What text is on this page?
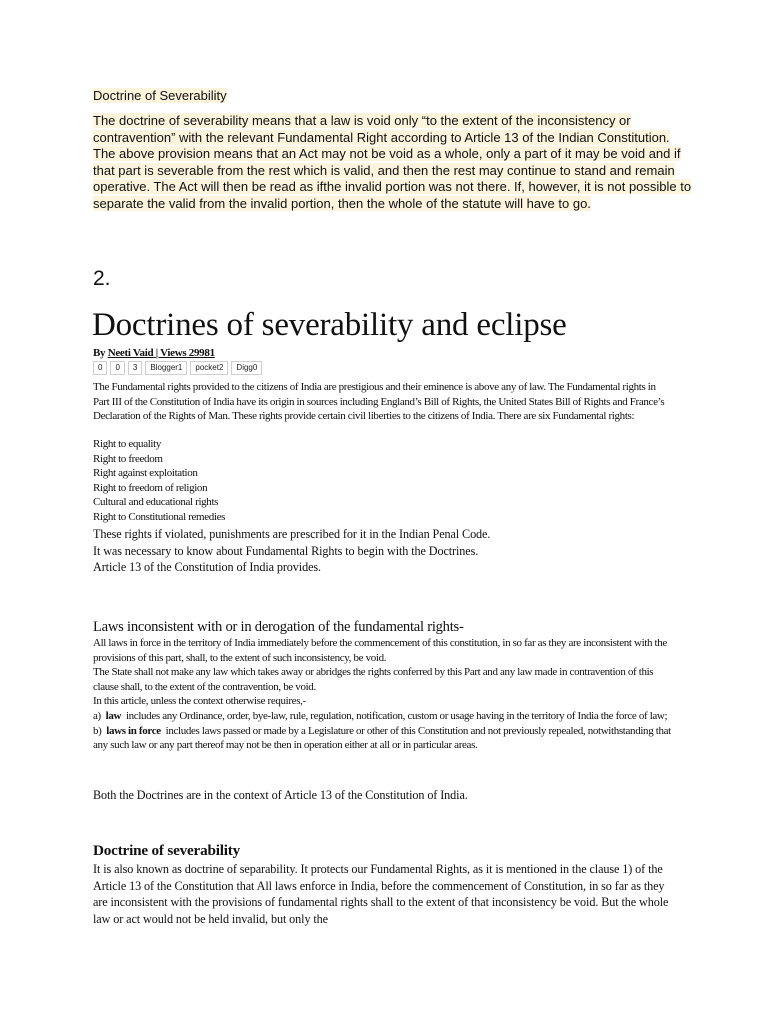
Doctrine of Severability
The doctrine of severability means that a law is void only “to the extent of the inconsistency or contravention” with the relevant Fundamental Right according to Article 13 of the Indian Constitution. The above provision means that an Act may not be void as a whole, only a part of it may be void and if that part is severable from the rest which is valid, and then the rest may continue to stand and remain operative. The Act will then be read as ifthe invalid portion was not there. If, however, it is not possible to separate the valid from the invalid portion, then the whole of the statute will have to go.
2.
Doctrines of severability and eclipse
By Neeti Vaid | Views 29981
0	0	3	Blogger1	pocket2	Digg0
The Fundamental rights provided to the citizens of India are prestigious and their eminence is above any of law. The Fundamental rights in Part III of the Constitution of India have its origin in sources including England’s Bill of Rights, the United States Bill of Rights and France’s Declaration of the Rights of Man. These rights provide certain civil liberties to the citizens of India. There are six Fundamental rights:
Right to equality
Right to freedom
Right against exploitation
Right to freedom of religion
Cultural and educational rights
Right to Constitutional remedies
These rights if violated, punishments are prescribed for it in the Indian Penal Code.
It was necessary to know about Fundamental Rights to begin with the Doctrines.
Article 13 of the Constitution of India provides.
Laws inconsistent with or in derogation of the fundamental rights-
All laws in force in the territory of India immediately before the commencement of this constitution, in so far as they are inconsistent with the provisions of this part, shall, to the extent of such inconsistency, be void.
The State shall not make any law which takes away or abridges the rights conferred by this Part and any law made in contravention of this clause shall, to the extent of the contravention, be void.
In this article, unless the context otherwise requires,-
a) law includes any Ordinance, order, bye-law, rule, regulation, notification, custom or usage having in the territory of India the force of law;
b) laws in force includes laws passed or made by a Legislature or other of this Constitution and not previously repealed, notwithstanding that any such law or any part thereof may not be then in operation either at all or in particular areas.
Both the Doctrines are in the context of Article 13 of the Constitution of India.
Doctrine of severability
It is also known as doctrine of separability. It protects our Fundamental Rights, as it is mentioned in the clause 1) of the Article 13 of the Constitution that All laws enforce in India, before the commencement of Constitution, in so far as they are inconsistent with the provisions of fundamental rights shall to the extent of that inconsistency be void. But the whole law or act would not be held invalid, but only the
